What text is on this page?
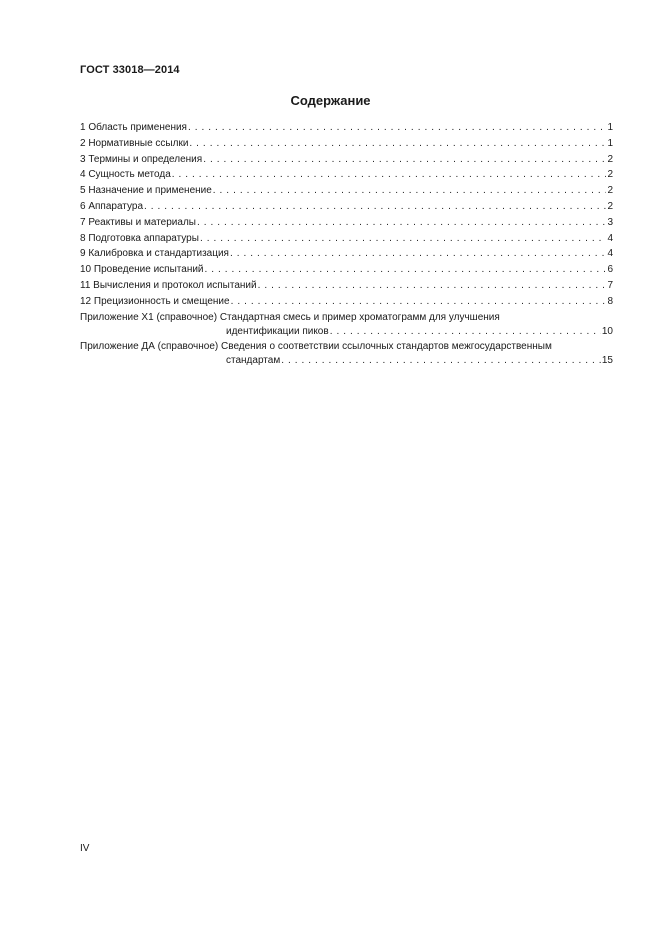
ГОСТ 33018—2014
Содержание
1 Область применения . . .	1
2 Нормативные ссылки . . .	1
3 Термины и определения . . .	2
4 Сущность метода . . .	2
5 Назначение и применение . . .	2
6 Аппаратура . . .	2
7 Реактивы и материалы . . .	3
8 Подготовка аппаратуры . . .	4
9 Калибровка и стандартизация . . .	4
10 Проведение испытаний . . .	6
11 Вычисления и протокол испытаний . . .	7
12 Прецизионность и смещение . . .	8
Приложение Х1 (справочное) Стандартная смесь и пример хроматограмм для улучшения
идентификации пиков . . .	10
Приложение ДА (справочное) Сведения о соответствии ссылочных стандартов межгосударственным
стандартам . . .	15
IV
